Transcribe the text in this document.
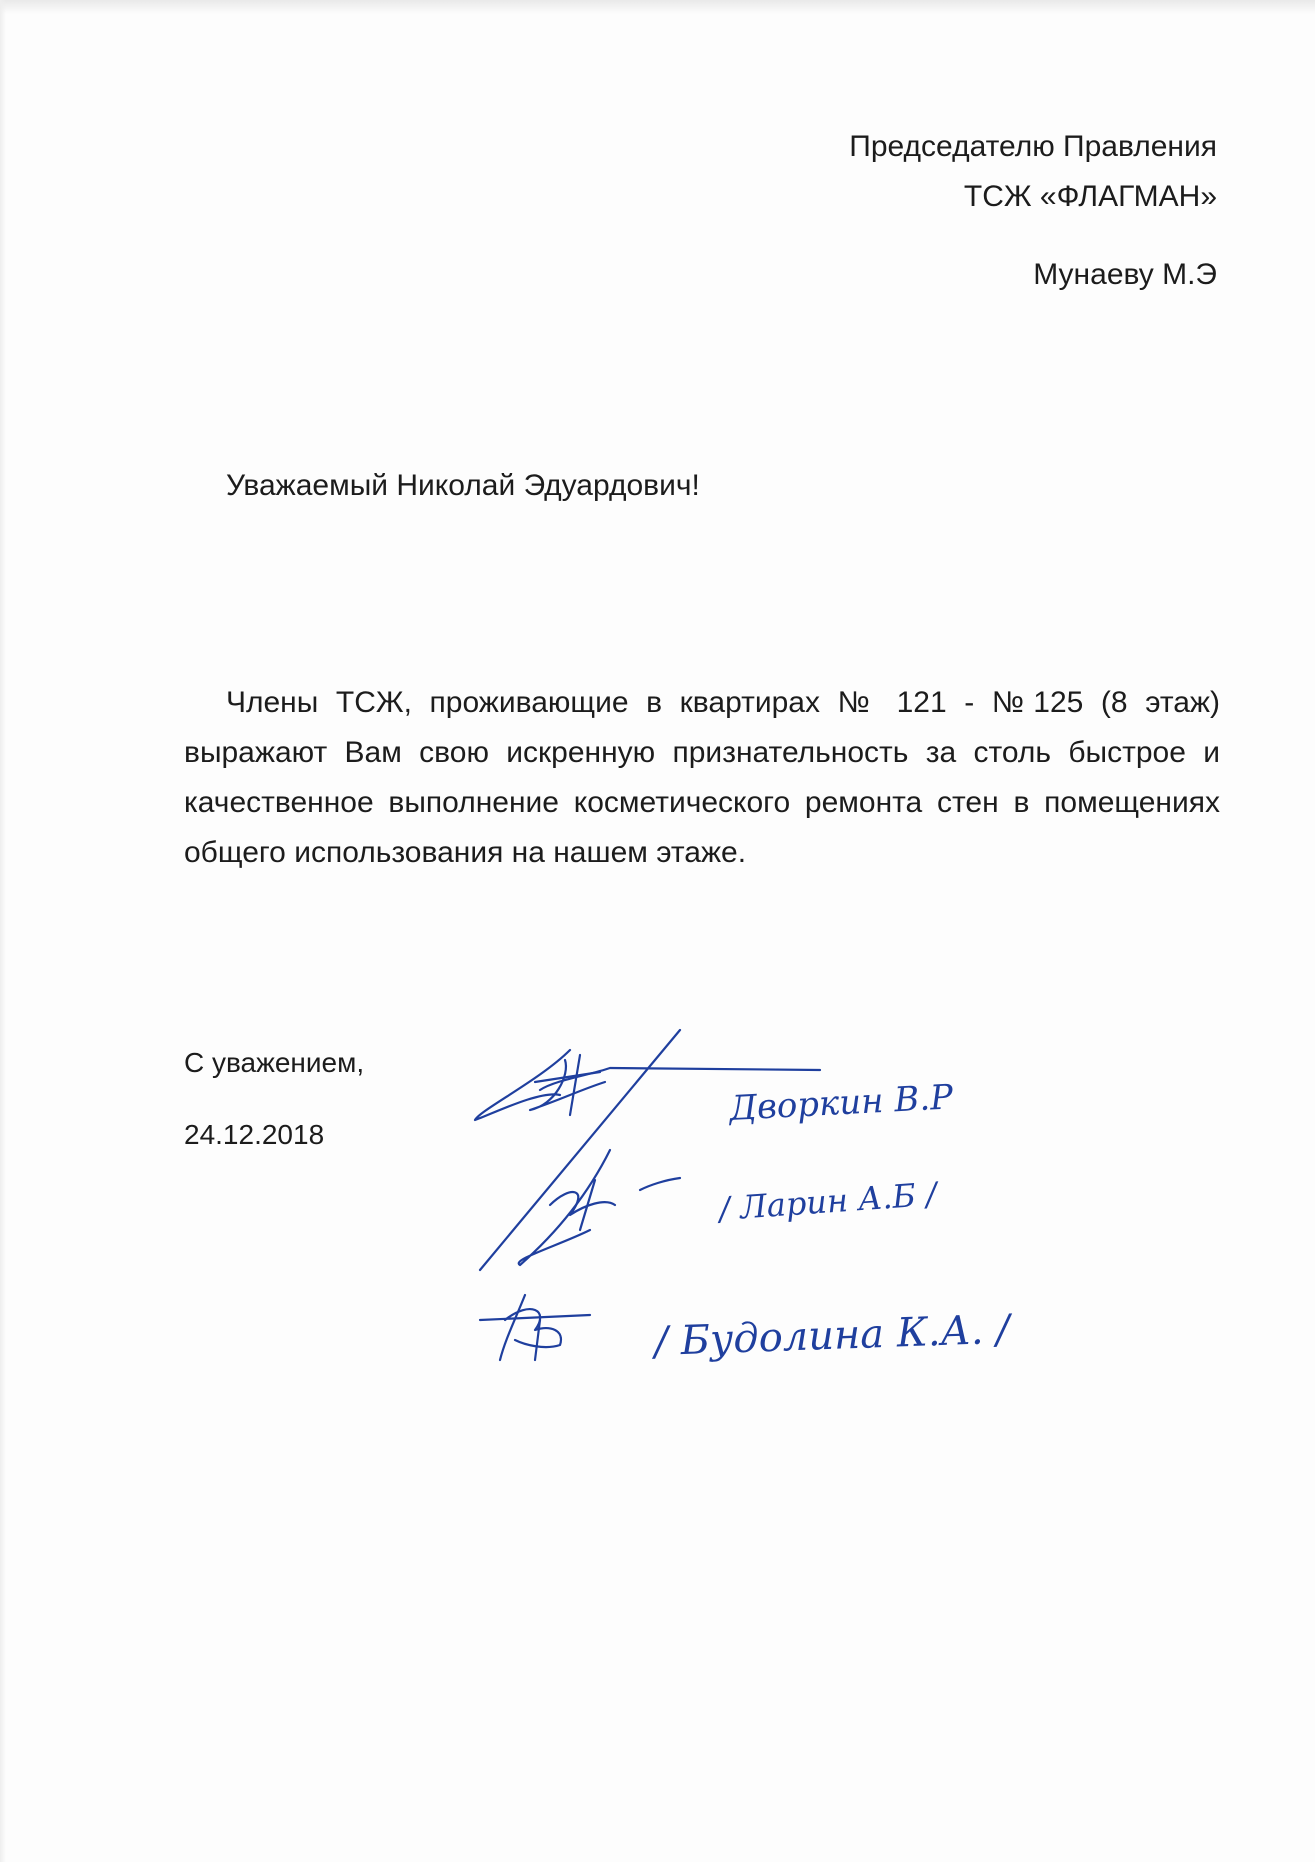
Председателю Правления
ТСЖ «ФЛАГМАН»
Мунаеву М.Э
Уважаемый Николай Эдуардович!
Члены ТСЖ, проживающие в квартирах № 121 - №125 (8 этаж) выражают Вам свою искренную признательность за столь быстрое и качественное выполнение косметического ремонта стен в помещениях общего использования на нашем этаже.
С уважением,
24.12.2018
Дворкин В.Р
/ Ларин А.Б /
/ Будолина К.А. /
